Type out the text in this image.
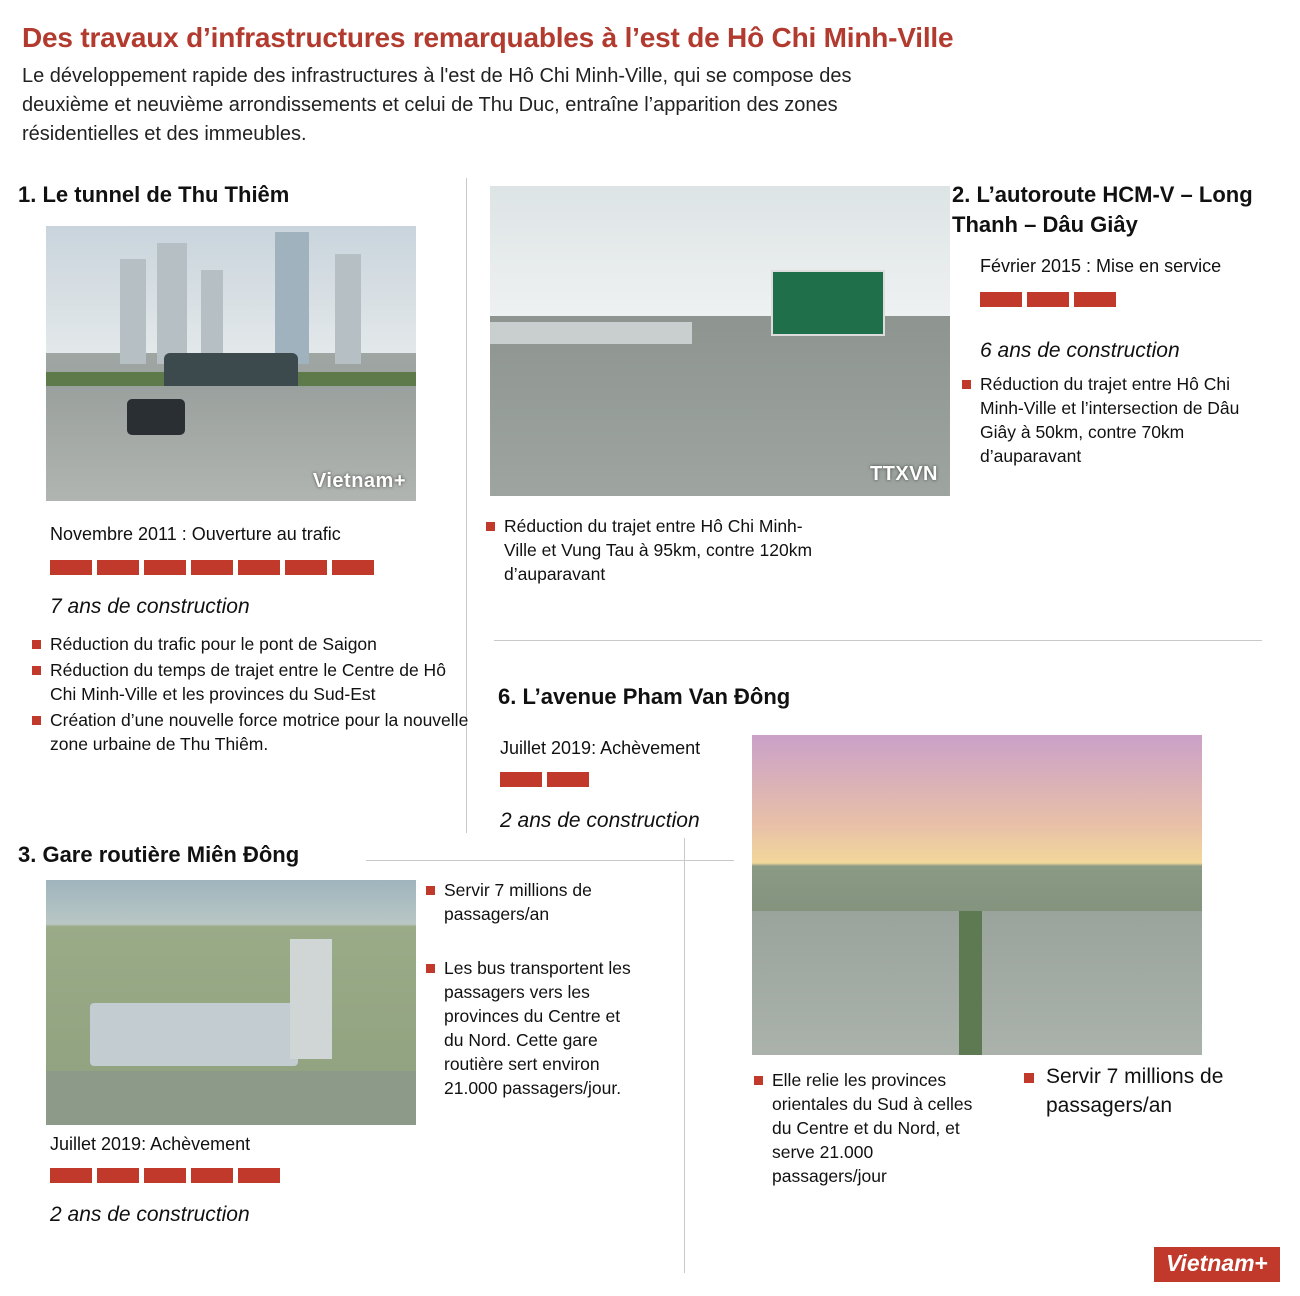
Des travaux d’infrastructures remarquables à l’est de Hô Chi Minh-Ville
Le développement rapide des infrastructures à l'est de Hô Chi Minh-Ville, qui se compose des deuxième et neuvième arrondissements et celui de Thu Duc, entraîne l’apparition des zones résidentielles et des immeubles.
1. Le tunnel de Thu Thiêm
Vietnam+
Novembre 2011 : Ouverture au trafic
7 ans de construction
Réduction du trafic pour le pont de Saigon
Réduction du temps de trajet entre le Centre de Hô Chi Minh-Ville et les provinces du Sud-Est
Création d’une nouvelle force motrice pour la nouvelle zone urbaine de Thu Thiêm.
TTXVN
Réduction du trajet entre Hô Chi Minh-Ville et Vung Tau à 95km, contre 120km d’auparavant
2. L’autoroute HCM-V – Long Thanh – Dâu Giây
Février 2015 : Mise en service
6 ans de construction
Réduction du trajet entre Hô Chi Minh-Ville et l’intersection de Dâu Giây à 50km, contre 70km d’auparavant
6. L’avenue Pham Van Ðông
Juillet 2019: Achèvement
2 ans de construction
Elle relie les provinces orientales du Sud à celles du Centre et du Nord, et serve 21.000 passagers/jour
Servir 7 millions de passagers/an
3. Gare routière Miên Ðông
Juillet 2019: Achèvement
2 ans de construction
Servir 7 millions de passagers/an
Les bus transportent les passagers vers les provinces du Centre et du Nord. Cette gare routière sert environ 21.000 passagers/jour.
Vietnam+
